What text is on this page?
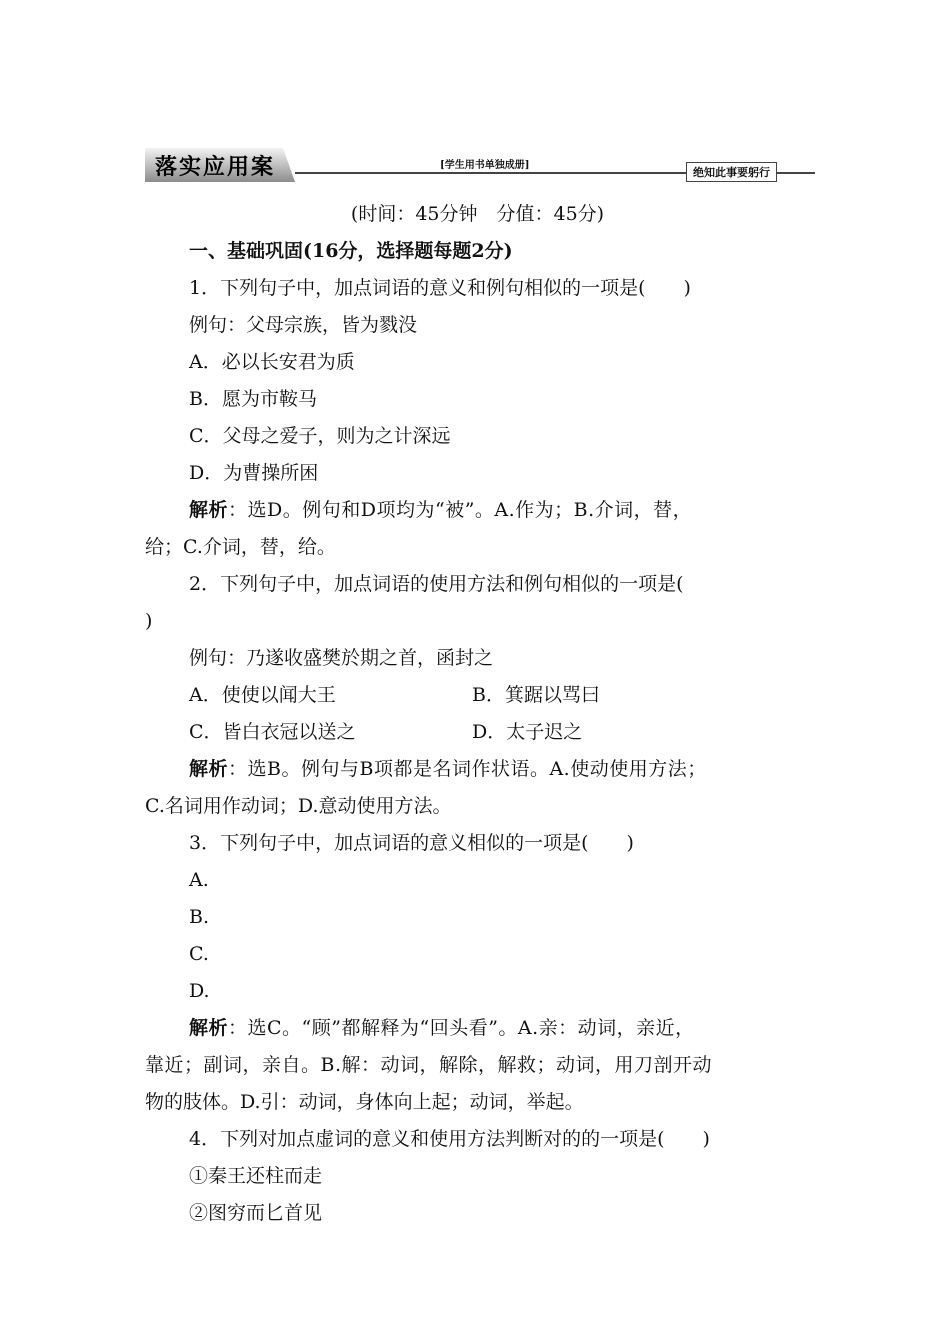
落实应用案	[学生用书单独成册]
绝知此事要躬行
(时间：45分钟　分值：45分)
一、基础巩固(16分，选择题每题2分)
1．下列句子中，加点词语的意义和例句相似的一项是(　　)
例句：父母宗族，皆为戮没
A．必以长安君为质
B．愿为市鞍马
C．父母之爱子，则为之计深远
D．为曹操所困
解析：选D。例句和D项均为“被”。A.作为；B.介词，替，
给；C.介词，替，给。
2．下列句子中，加点词语的使用方法和例句相似的一项是(
)
例句：乃遂收盛樊於期之首，函封之
A．使使以闻大王	B．箕踞以骂曰
C．皆白衣冠以送之	D．太子迟之
解析：选B。例句与B项都是名词作状语。A.使动使用方法；
C.名词用作动词；D.意动使用方法。
3．下列句子中，加点词语的意义相似的一项是(　　)
A.
B.
C.
D.
解析：选C。“顾”都解释为“回头看”。A.亲：动词，亲近，
靠近；副词，亲自。B.解：动词，解除，解救；动词，用刀剖开动
物的肢体。D.引：动词，身体向上起；动词，举起。
4．下列对加点虚词的意义和使用方法判断对的的一项是(　　)
①秦王还柱而走
②图穷而匕首见
